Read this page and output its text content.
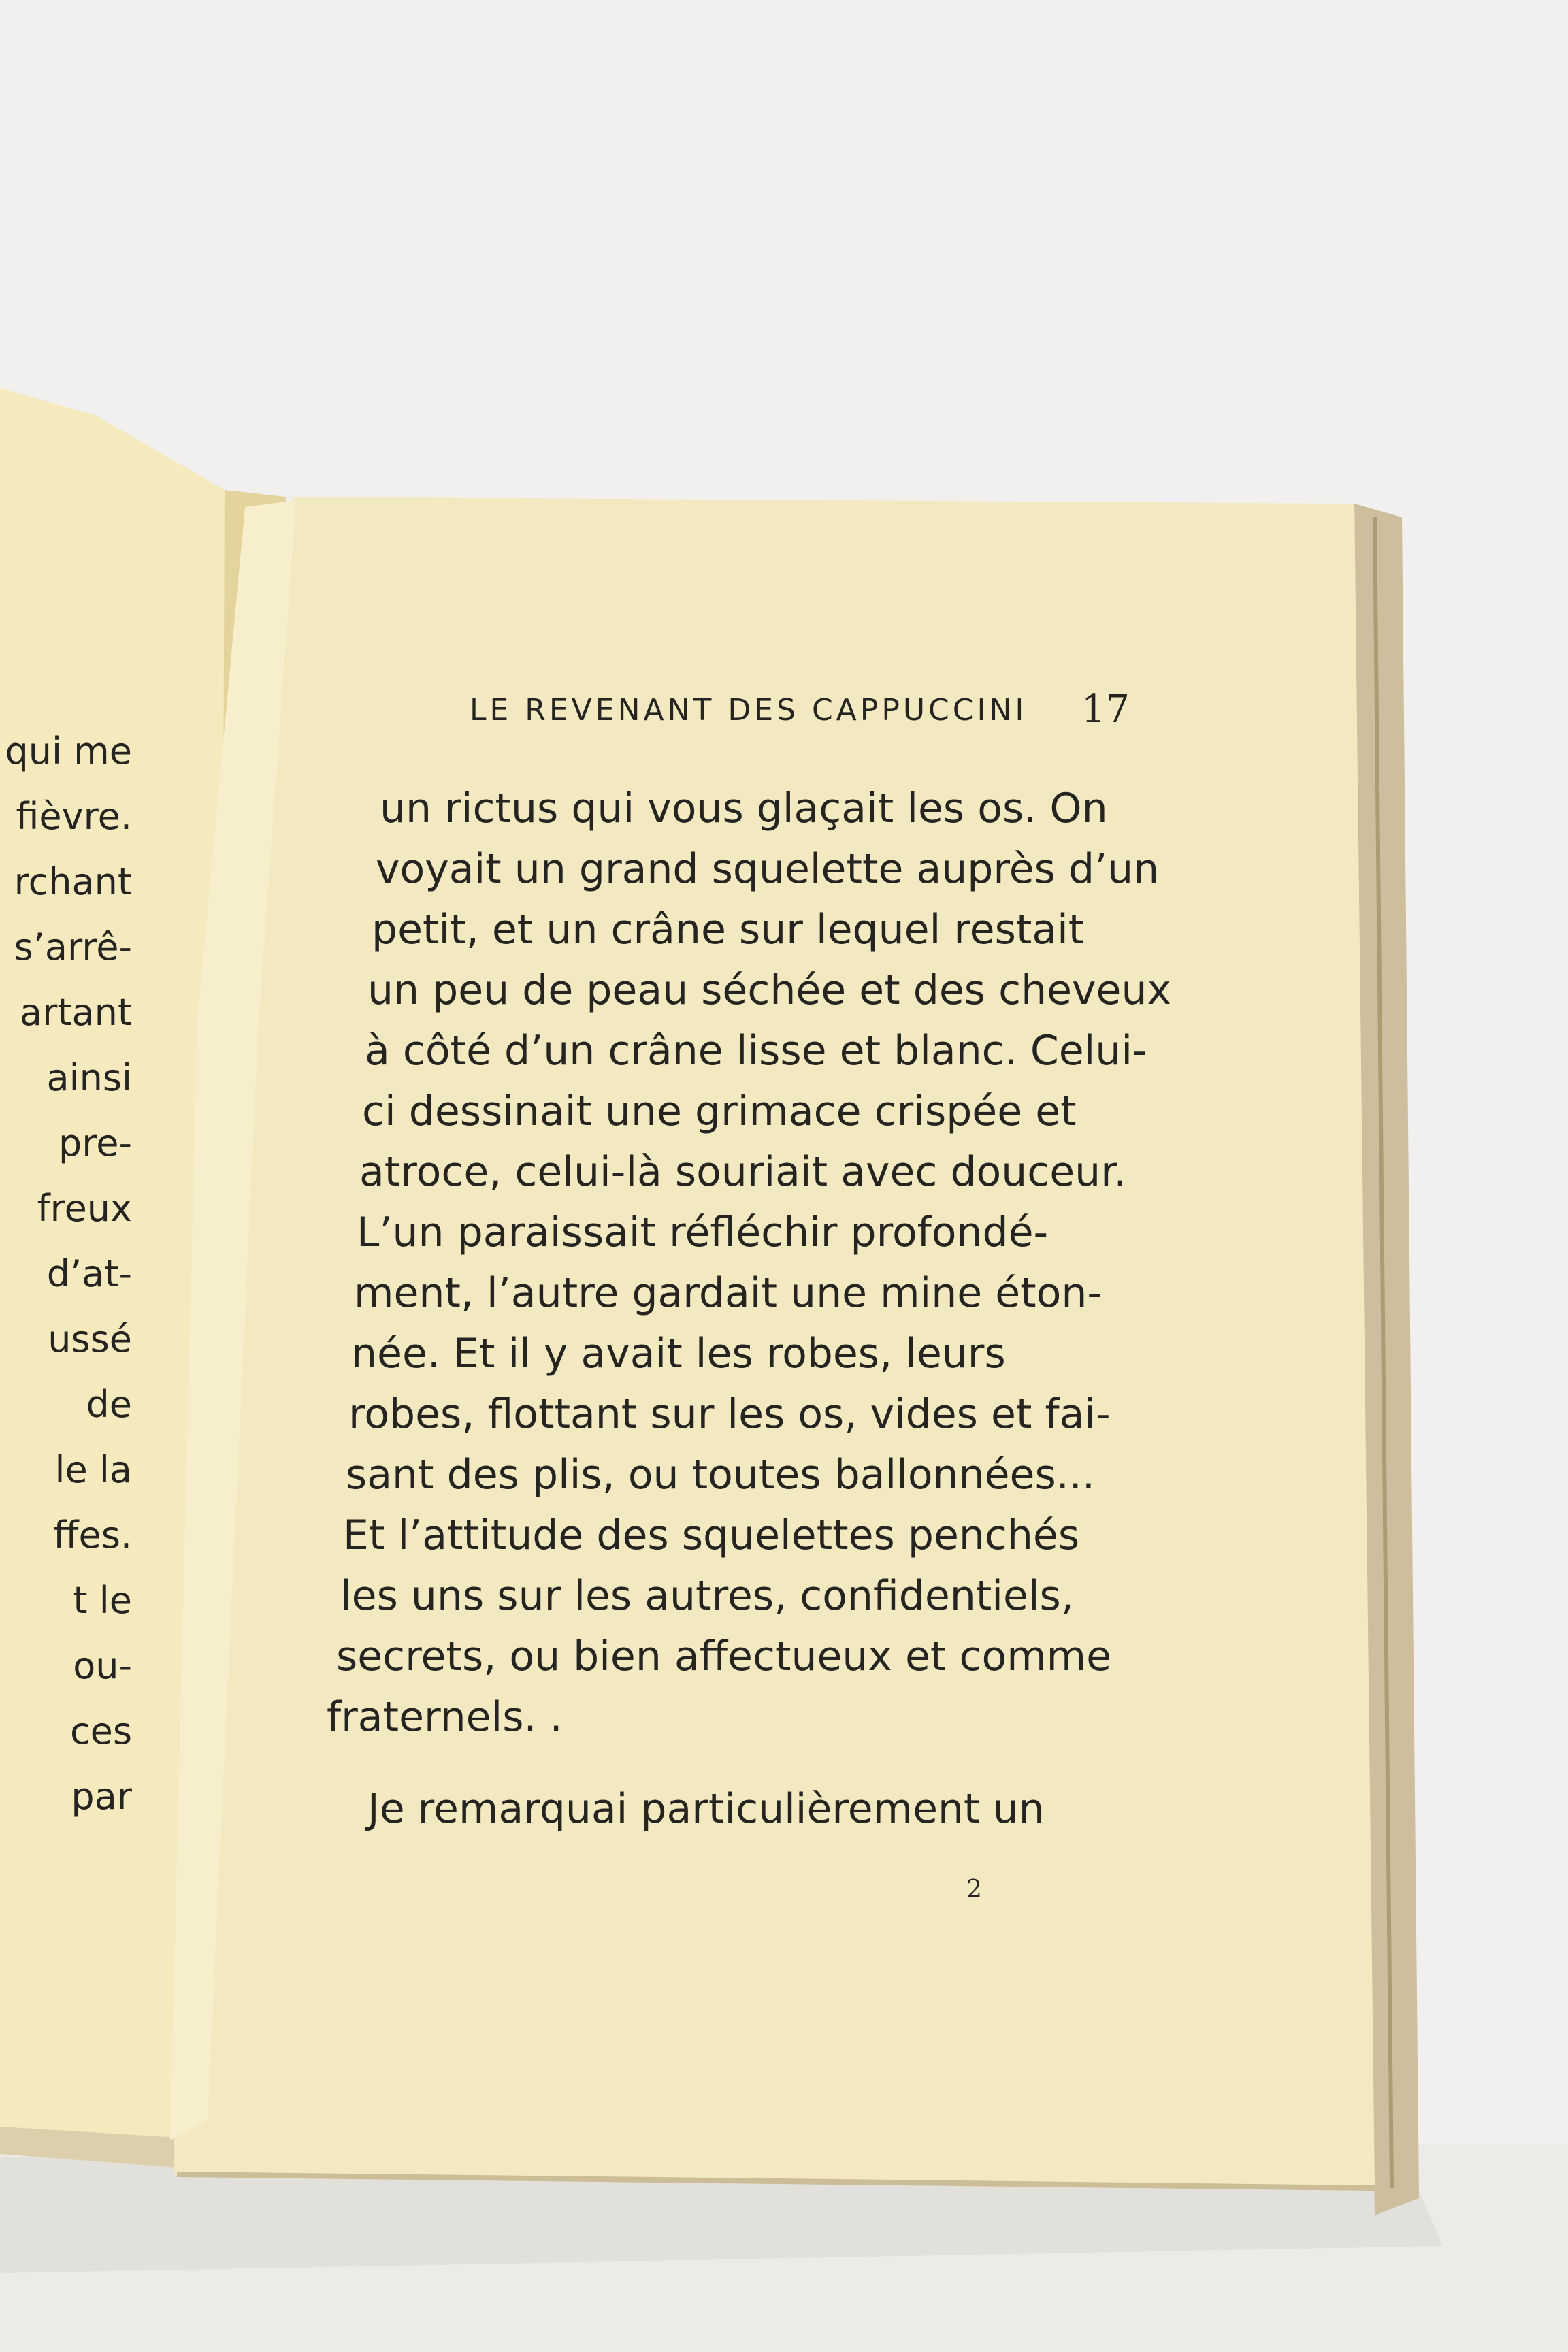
LE REVENANT DES CAPPUCCINI 17

un rictus qui vous glaçait les os. On

voyait un grand squelette auprès d’un

petit, et un crâne sur lequel restait

un peu de peau séchée et des cheveux

à côté d’un crâne lisse et blanc. Celui-

ci dessinait une grimace crispée et

atroce, celui-là souriait avec douceur.

L’un paraissait réfléchir profondé-

ment, l’autre gardait une mine éton-

née. Et il y avait les robes, leurs

robes, flottant sur les os, vides et fai-

sant des plis, ou toutes ballonnées...

Et l’attitude des squelettes penchés

les uns sur les autres, confidentiels,

secrets, ou bien affectueux et comme

fraternels. .

Je remarquai particulièrement un

2

qui me

fièvre.

rchant

s’arrê-

artant

ainsi

pre-

freux

d’at-

ussé

de

le la

ffes.

t le

ou-

ces

par
